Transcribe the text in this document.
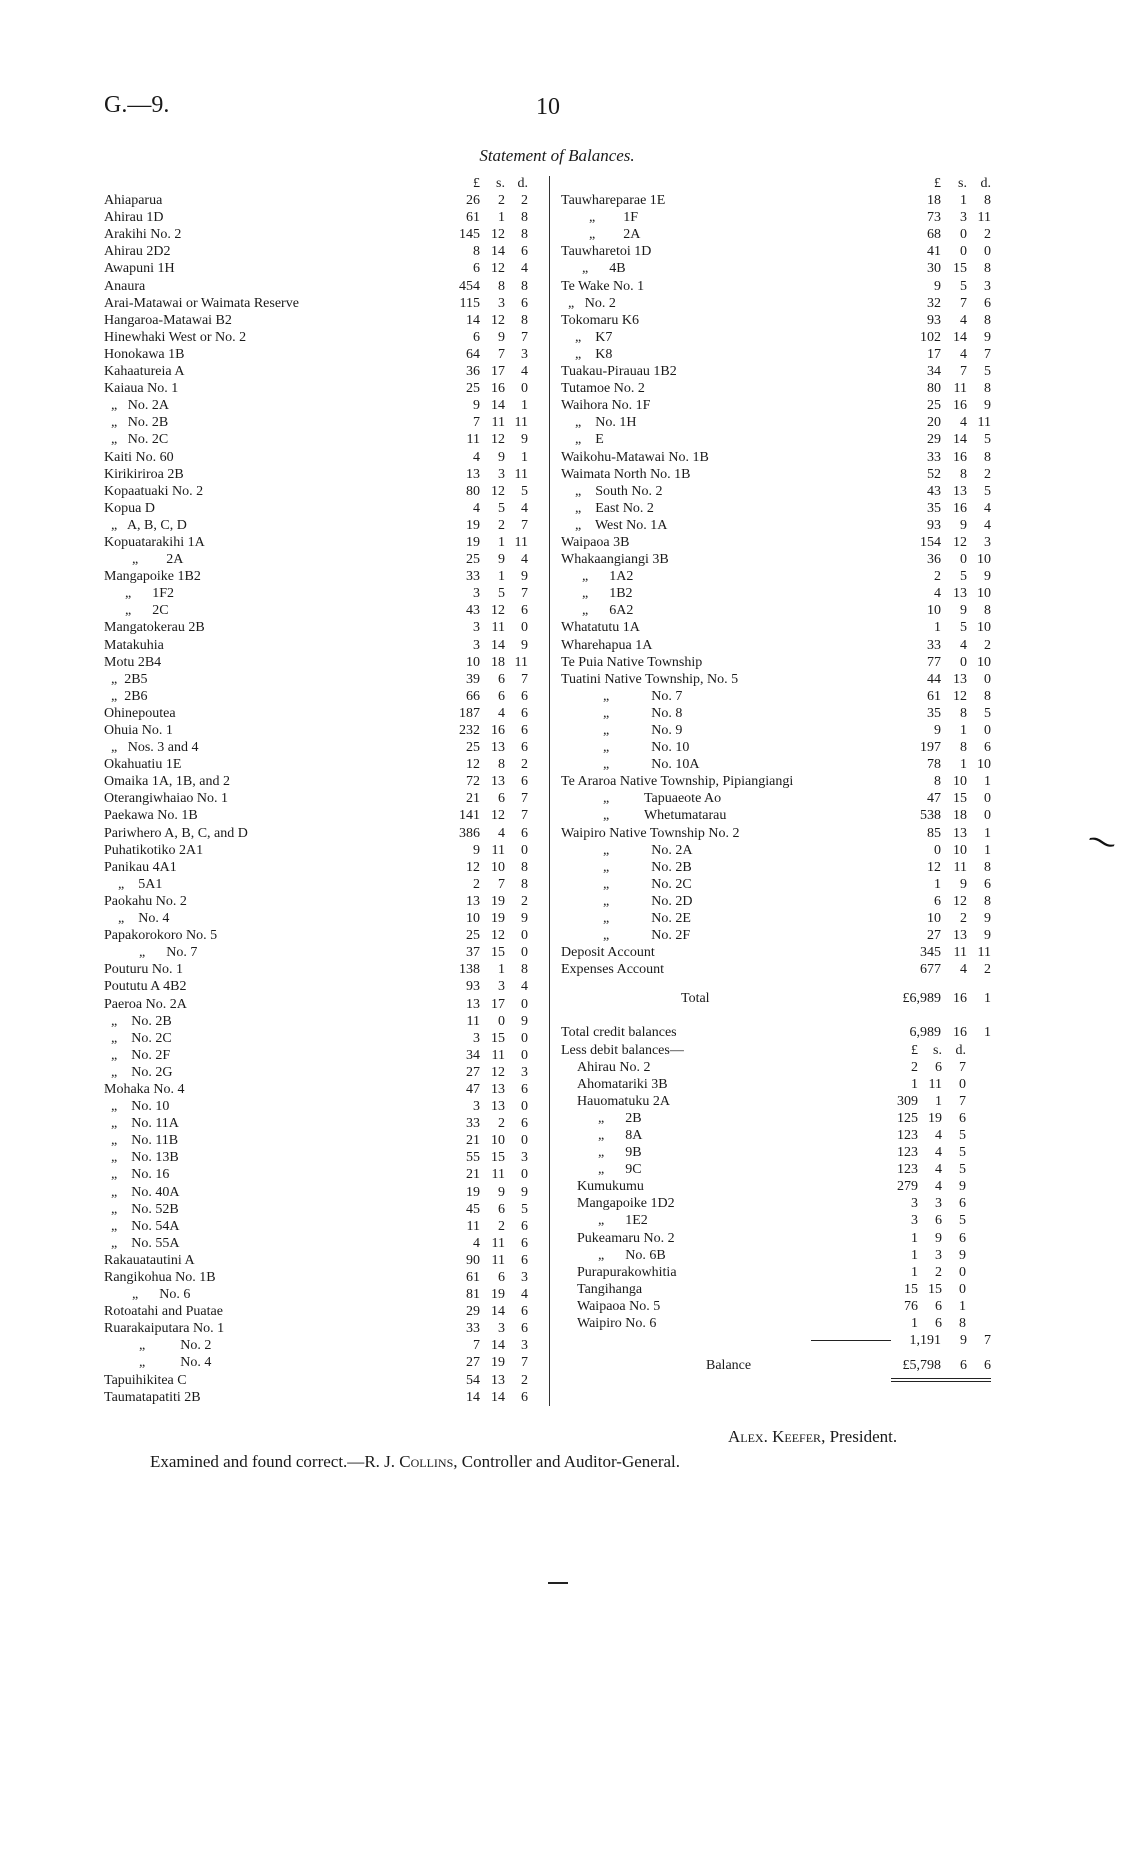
G.—9.	10
Statement of Balances.
£	s. d.
Ahiaparua	26	2	2
Ahirau 1D	61	1	8
Arakihi No. 2	145 12	8
Ahirau 2D2	8 14	6
Awapuni 1H	6 12	4
Anaura	454	8	8
Arai-Matawai or Waimata Reserve	115	3	6
Hangaroa-Matawai B2	14 12	8
Hinewhaki West or No. 2	6	9	7
Honokawa 1B	64	7	3
Kahaatureia A	36 17	4
Kaiaua No. 1	25 16	0
„   No. 2A	9 14	1
„   No. 2B	7 11 11
„   No. 2C	11 12	9
Kaiti No. 60	4	9	1
Kirikiriroa 2B	13	3 11
Kopaatuaki No. 2	80 12	5
Kopua D	4	5	4
„   A, B, C, D	19	2	7
Kopuatarakihi 1A	19	1 11
„        2A	25	9	4
Mangapoike 1B2	33	1	9
„      1F2	3	5	7
„      2C	43 12	6
Mangatokerau 2B	3 11	0
Matakuhia	3 14	9
Motu 2B4	10 18 11
„  2B5	39	6	7
„  2B6	66	6	6
Ohinepoutea	187	4	6
Ohuia No. 1	232 16	6
„   Nos. 3 and 4	25 13	6
Okahuatiu 1E	12	8	2
Omaika 1A, 1B, and 2	72 13	6
Oterangiwhaiao No. 1	21	6	7
Paekawa No. 1B	141 12	7
Pariwhero A, B, C, and D	386	4	6
Puhatikotiko 2A1	9 11	0
Panikau 4A1	12 10	8
„    5A1	2	7	8
Paokahu No. 2	13 19	2
„    No. 4	10 19	9
Papakorokoro No. 5	25 12	0
„      No. 7	37 15	0
Pouturu No. 1	138	1	8
Poututu A 4B2	93	3	4
Paeroa No. 2A	13 17	0
„    No. 2B	11	0	9
„    No. 2C	3 15	0
„    No. 2F	34 11	0
„    No. 2G	27 12	3
Mohaka No. 4	47 13	6
„    No. 10	3 13	0
„    No. 11A	33	2	6
„    No. 11B	21 10	0
„    No. 13B	55 15	3
„    No. 16	21 11	0
„    No. 40A	19	9	9
„    No. 52B	45	6	5
„    No. 54A	11	2	6
„    No. 55A	4 11	6
Rakauatautini A	90 11	6
Rangikohua No. 1B	61	6	3
„      No. 6	81 19	4
Rotoatahi and Puatae	29 14	6
Ruarakaiputara No. 1	33	3	6
„          No. 2	7 14	3
„          No. 4	27 19	7
Tapuihikitea C	54 13	2
Taumatapatiti 2B	14 14	6
£	s. d.
Tauwhareparae 1E	18	1	8
„        1F	73	3 11
„        2A	68	0	2
Tauwharetoi 1D	41	0	0
„      4B	30 15	8
Te Wake No. 1	9	5	3
„   No. 2	32	7	6
Tokomaru K6	93	4	8
„    K7	102 14	9
„    K8	17	4	7
Tuakau-Pirauau 1B2	34	7	5
Tutamoe No. 2	80 11	8
Waihora No. 1F	25 16	9
„    No. 1H	20	4 11
„    E	29 14	5
Waikohu-Matawai No. 1B	33 16	8
Waimata North No. 1B	52	8	2
„    South No. 2	43 13	5
„    East No. 2	35 16	4
„    West No. 1A	93	9	4
Waipaoa 3B	154 12	3
Whakaangiangi 3B	36	0 10
„      1A2	2	5	9
„      1B2	4 13 10
„      6A2	10	9	8
Whatatutu 1A	1	5 10
Wharehapua 1A	33	4	2
Te Puia Native Township	77	0 10
Tuatini Native Township, No. 5	44 13	0
„            No. 7	61 12	8
„            No. 8	35	8	5
„            No. 9	9	1	0
„            No. 10	197	8	6
„            No. 10A	78	1 10
Te Araroa Native Township, Pipiangiangi	8 10	1
„          Tapuaeote Ao	47 15	0
„          Whetumatarau	538 18	0
Waipiro Native Township No. 2	85 13	1
„            No. 2A	0 10	1
„            No. 2B	12 11	8
„            No. 2C	1	9	6
„            No. 2D	6 12	8
„            No. 2E	10	2	9
„            No. 2F	27 13	9
Deposit Account	345 11 11
Expenses Account	677	4	2
Total	£6,989 16	1
Total credit balances	6,989 16	1
Less debit balances—	£	s. d.
Ahirau No. 2	2	6	7
Ahomatariki 3B	1 11	0
Hauomatuku 2A	309	1	7
„      2B	125 19	6
„      8A	123	4	5
„      9B	123	4	5
„      9C	123	4	5
Kumukumu	279	4	9
Mangapoike 1D2	3	3	6
„      1E2	3	6	5
Pukeamaru No. 2	1	9	6
„      No. 6B	1	3	9
Purapurakowhitia	1	2	0
Tangihanga	15 15	0
Waipaoa No. 5	76	6	1
Waipiro No. 6	1	6	8
1,191	9	7
Balance	£5,798	6	6
Alex. Keefer, President.
Examined and found correct.—R. J. Collins, Controller and Auditor-General.
⁓
